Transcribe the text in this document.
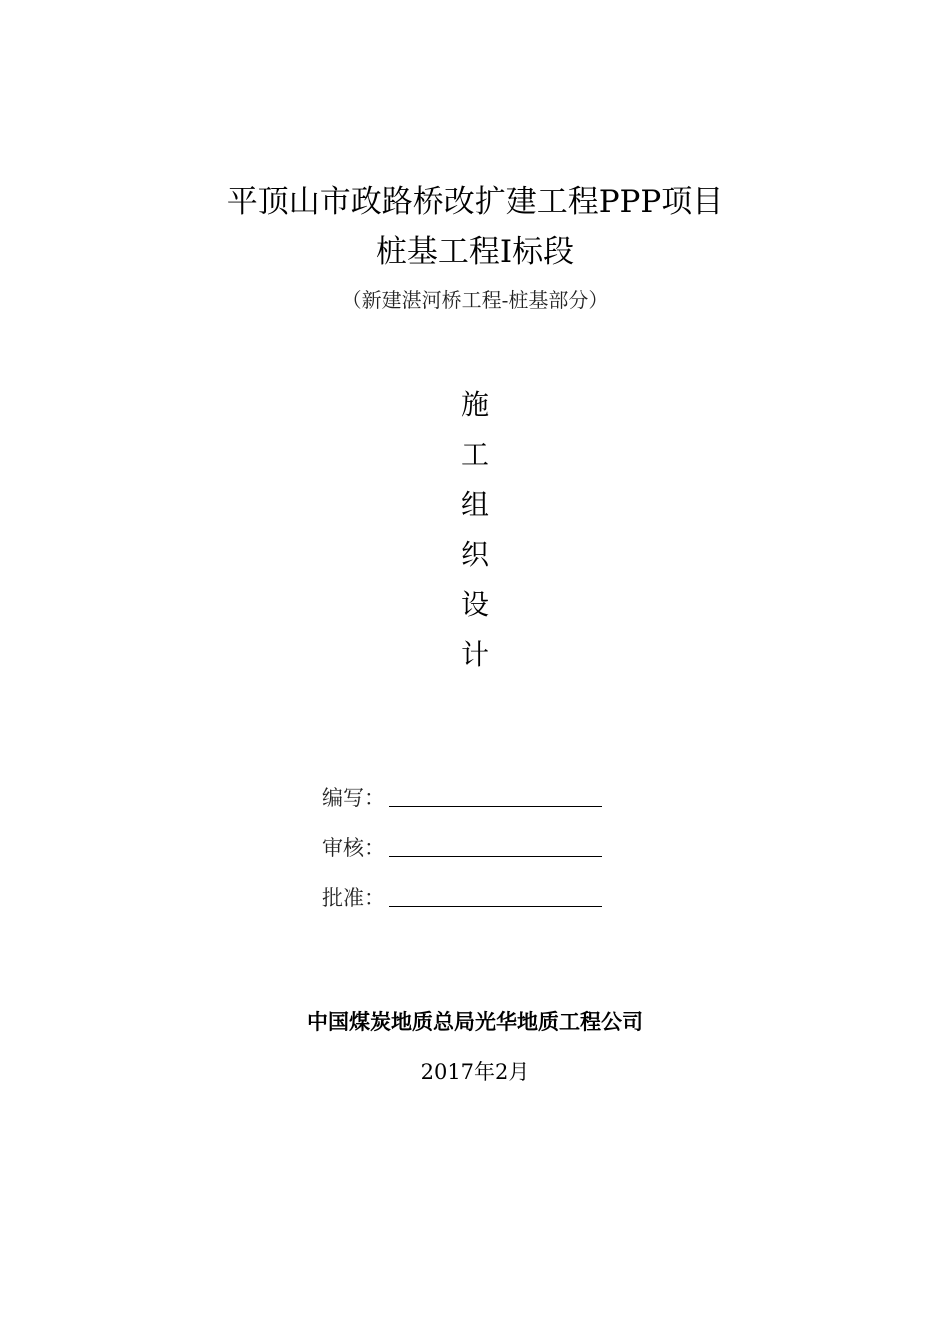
平顶山市政路桥改扩建工程PPP项目
桩基工程Ⅰ标段
（新建湛河桥工程-桩基部分）
施
工
组
织
设
计
编写：
审核：
批准：
中国煤炭地质总局光华地质工程公司
2017年2月
